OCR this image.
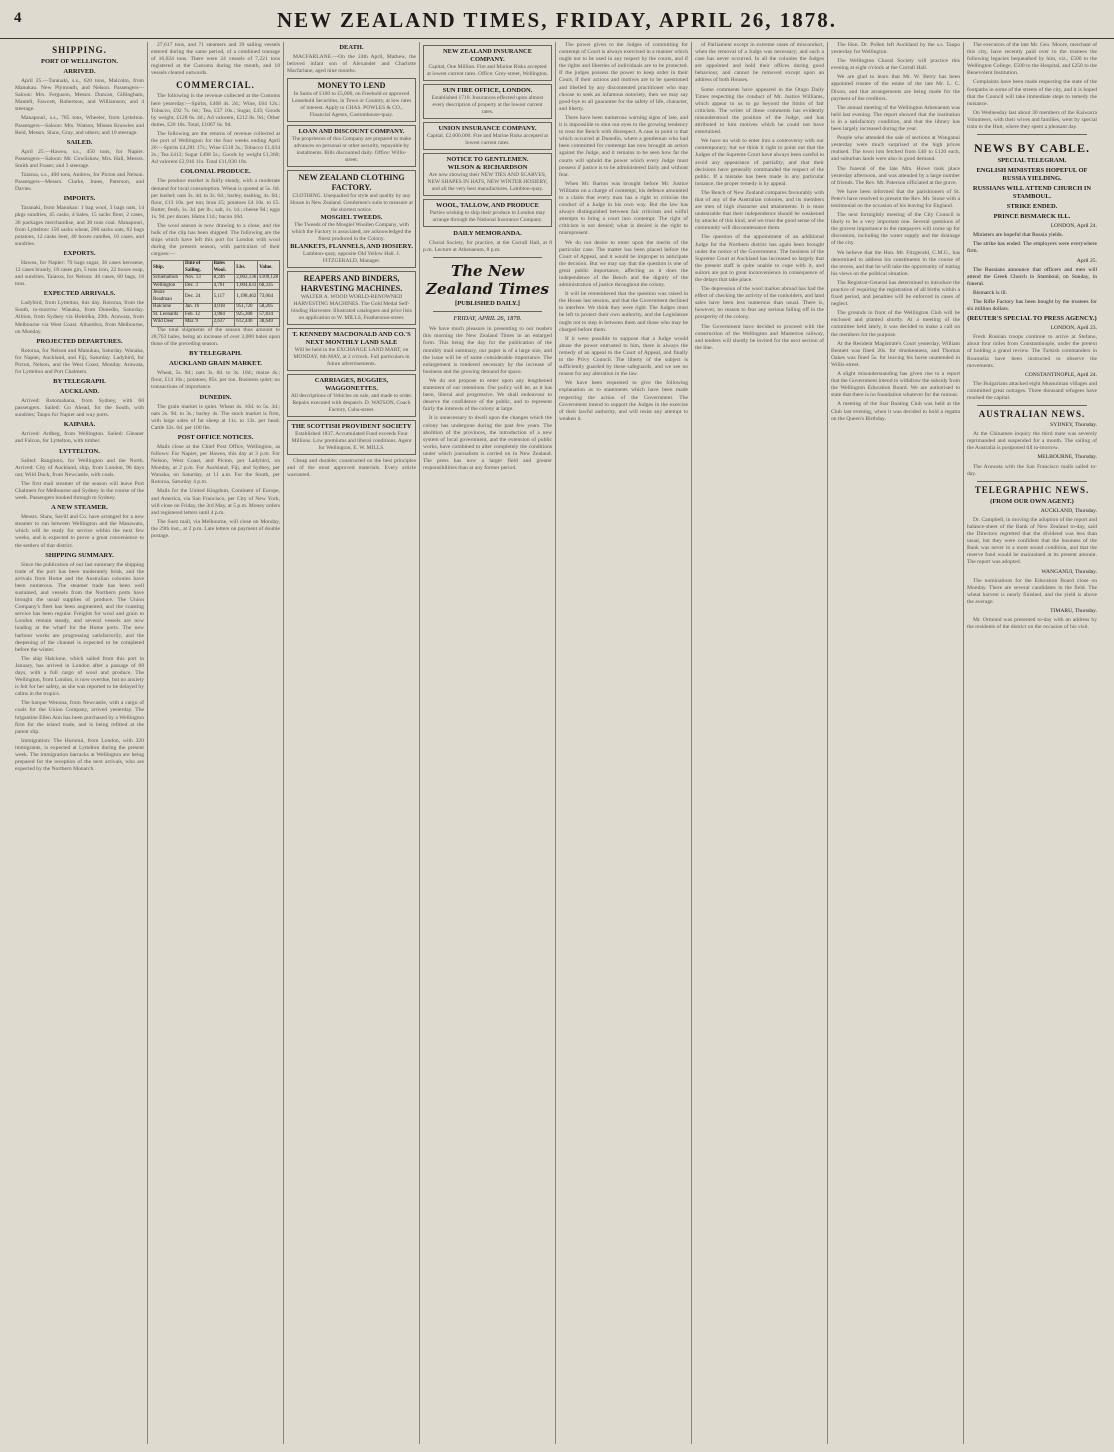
4	NEW ZEALAND TIMES, FRIDAY, APRIL 26, 1878.
SHIPPING.
PORT OF WELLINGTON.
ARRIVED.

April 25.—Taranaki, s.s., 620 tons, Malcolm, from Manukau. New Plymouth, and Nelson. Passengers—Saloon: Mrs. Ferguson, Messrs. Duncan, Gillingham, Mantell, Fawcett, Robertson, and Williamson; and 4 steerage.

Manapouri, s.s., 785 tons, Wheeler, from Lyttelton. Passengers—Saloon: Mrs. Watson, Misses Knowles and Reid, Messrs. Shaw, Gray, and others; and 10 steerage.

SAILED.

April 25.—Hawea, s.s., 450 tons, for Napier. Passengers—Saloon: Mr. Cowlishaw, Mrs. Hall, Messrs. Smith and Fraser; and 3 steerage.

Taiaroa, s.s., 400 tons, Andrew, for Picton and Nelson. Passengers—Messrs. Clarke, Innes, Paterson, and Davies.

IMPORTS.

Taranaki, from Manukau: 1 bag wool, 3 bags oats, 14 pkgs sundries, 45 casks, 4 bales, 15 sacks flour, 2 cases, 36 packages merchandise, and 30 tons coal. Manapouri, from Lyttelton: 150 sacks wheat, 260 sacks oats, 62 bags potatoes, 12 casks beer, 40 boxes candles, 16 cases, and sundries.

EXPORTS.

Hawea, for Napier: 70 bags sugar, 36 cases kerosene, 12 cases brandy, 18 cases gin, 5 tons iron, 22 boxes soap, and sundries. Taiaroa, for Nelson: 40 cases, 60 bags, 18 tons.

EXPECTED ARRIVALS.

Ladybird, from Lyttelton, this day. Rotorua, from the South, to-morrow. Wanaka, from Dunedin, Saturday. Albion, from Sydney via Hokitika, 29th. Arawata, from Melbourne via West Coast. Alhambra, from Melbourne, on Monday.

PROJECTED DEPARTURES.

Rotorua, for Nelson and Manukau, Saturday. Wanaka, for Napier, Auckland, and Fiji, Saturday. Ladybird, for Picton, Nelson, and the West Coast, Monday. Arawata, for Lyttelton and Port Chalmers.

BY TELEGRAPH.
AUCKLAND.

Arrived: Rotomahana, from Sydney, with 60 passengers. Sailed: Go Ahead, for the South, with sundries; Taupo for Napier and way ports.

KAIPARA.

Arrived: Ardbeg, from Wellington. Sailed: Gleaner and Falcon, for Lyttelton, with timber.

LYTTELTON.

Sailed: Rangitoto, for Wellington and the North. Arrived: City of Auckland, ship, from London, 96 days out; Wild Duck, from Newcastle, with coals.

The first mail steamer of the season will leave Port Chalmers for Melbourne and Sydney in the course of the week. Passengers booked through to Sydney.

A NEW STEAMER.

Messrs. Shaw, Savill and Co. have arranged for a new steamer to run between Wellington and the Manawatu, which will be ready for service within the next few weeks, and is expected to prove a great convenience to the settlers of that district.

SHIPPING SUMMARY.

Since the publication of our last summary the shipping trade of the port has been moderately brisk, and the arrivals from Home and the Australian colonies have been numerous. The steamer trade has been well sustained, and vessels from the Northern ports have brought the usual supplies of produce. The Union Company's fleet has been augmented, and the coasting service has been regular. Freights for wool and grain to London remain steady, and several vessels are now loading at the wharf for the Home ports. The new harbour works are progressing satisfactorily, and the deepening of the channel is expected to be completed before the winter.

The ship Halcione, which sailed from this port in January, has arrived in London after a passage of 88 days, with a full cargo of wool and produce. The Wellington, from London, is now overdue, but no anxiety is felt for her safety, as she was reported to be delayed by calms in the tropics.

The barque Wenona, from Newcastle, with a cargo of coals for the Union Company, arrived yesterday. The brigantine Ellen Ann has been purchased by a Wellington firm for the island trade, and is being refitted at the patent slip.

Immigration: The Hurunui, from London, with 320 immigrants, is expected at Lyttelton during the present week. The immigration barracks at Wellington are being prepared for the reception of the next arrivals, who are expected by the Northern Monarch.

27,617 tons, and 71 steamers and 39 sailing vessels entered during the same period, of a combined tonnage of 16,024 tons. There were 24 vessels of 7,221 tons registered at the Customs during the month, and 18 vessels cleared outwards.

COMMERCIAL.

The following is the revenue collected at the Customs here yesterday:—Spirits, £468 4s. 2d.; Wine, £64 12s.; Tobacco, £92 7s. 6d.; Tea, £37 10s.; Sugar, £43; Goods by weight, £128 6s. 4d.; Ad valorem, £212 8s. 9d.; Other duties, £20 18s. Total, £1067 6s. 9d.

The following are the returns of revenue collected at the port of Wellington for the four weeks ending April 20:—Spirits £4,281 17s.; Wine £518 3s.; Tobacco £1,034 2s.; Tea £412; Sugar £498 5s.; Goods by weight £1,360; Ad valorem £2,916 11s. Total £11,030 18s.

COLONIAL PRODUCE.

The produce market is fairly steady, with a moderate demand for local consumption. Wheat is quoted at 5s. 6d. per bushel; oats 3s. 4d. to 3s. 6d.; barley, malting, 4s. 6d.; flour, £13 10s. per ton; bran £5; potatoes £4 10s. to £5. Butter, fresh, 1s. 3d. per lb.; salt, 1s. 1d.; cheese 9d.; eggs 1s. 9d. per dozen. Hams 11d.; bacon 10d.

The wool season is now drawing to a close, and the bulk of the clip has been shipped. The following are the ships which have left this port for London with wool during the present season, with particulars of their cargoes:—

Ship.	Date of Sailing.	Bales Wool.	Lbs.	Value.
Schiehallion	Nov. 13	8,246	2,002,136	£109,128
Wellington	Dec. 3	4,761	1,004,633	68,335
Jessie Readman	Dec. 24	5,117	1,198,462	73,064
Halcione	Jan. 16	4,018	951,720	58,205
St. Leonards	Feb. 12	3,984	925,308	57,834
Wild Deer	Mar. 9	2,637	612,440	38,640

The total shipments of the season thus amount to 28,763 bales, being an increase of over 3,000 bales upon those of the preceding season.

BY TELEGRAPH.
AUCKLAND GRAIN MARKET.

Wheat, 5s. 9d.; oats 3s. 8d. to 3s. 10d.; maize 4s.; flour, £14 10s.; potatoes, 85s. per ton. Business quiet; no transactions of importance.

DUNEDIN.

The grain market is quiet. Wheat 4s. 10d. to 5s. 3d.; oats 2s. 9d. to 3s.; barley 4s. The stock market is firm, with large sales of fat sheep at 11s. to 13s. per head. Cattle 32s. 6d. per 100 lbs.

POST OFFICE NOTICES.

Mails close at the Chief Post Office, Wellington, as follows: For Napier, per Hawea, this day at 3 p.m. For Nelson, West Coast, and Picton, per Ladybird, on Monday, at 2 p.m. For Auckland, Fiji, and Sydney, per Wanaka, on Saturday, at 11 a.m. For the South, per Rotorua, Saturday 4 p.m.

Mails for the United Kingdom, Continent of Europe, and America, via San Francisco, per City of New York, will close on Friday, the 3rd May, at 5 p.m. Money orders and registered letters until 4 p.m.

The Suez mail, via Melbourne, will close on Monday, the 29th inst., at 2 p.m. Late letters on payment of double postage.

DEATH.

MACFARLANE.—On the 24th April, Mathew, the beloved infant son of Alexander and Charlotte Macfarlane, aged nine months.

MONEY TO LEND
In Sums of £100 to £5,000, on Freehold or approved Leasehold Securities, in Town or Country, at low rates of interest. Apply to CHAS. POWLES & CO., Financial Agents, Customhouse-quay.
LOAN AND DISCOUNT COMPANY.
The proprietors of this Company are prepared to make advances on personal or other security, repayable by instalments. Bills discounted daily. Office: Willis-street.
NEW ZEALAND CLOTHING FACTORY.
CLOTHING. Unequalled for style and quality by any House in New Zealand. Gentlemen's suits to measure at the shortest notice.
MOSGIEL TWEEDS.
The Tweeds of the Mosgiel Woollen Company, with which the Factory is associated, are acknowledged the finest produced in the Colony.
BLANKETS, FLANNELS, AND HOSIERY.
Lambton-quay, opposite Old Yellow Hall. J. FITZGERALD, Manager.
REAPERS AND BINDERS, HARVESTING MACHINES.
WALTER A. WOOD WORLD-RENOWNED HARVESTING MACHINES. The Gold Medal Self-binding Harvester. Illustrated catalogues and price lists on application to W. MILLS, Featherston-street.
T. KENNEDY MACDONALD AND CO.'S NEXT MONTHLY LAND SALE
Will be held in the EXCHANGE LAND MART, on MONDAY, 6th MAY, at 2 o'clock. Full particulars in future advertisements.
CARRIAGES, BUGGIES, WAGGONETTES.
All descriptions of Vehicles on sale, and made to order. Repairs executed with despatch. D. WATSON, Coach Factory, Cuba-street.
THE SCOTTISH PROVIDENT SOCIETY
Established 1837. Accumulated Fund exceeds Four Millions. Low premiums and liberal conditions. Agent for Wellington, E. W. MILLS.

Cheap and durable; constructed on the best principles and of the most approved materials. Every article warranted.

NEW ZEALAND INSURANCE COMPANY.
Capital, One Million. Fire and Marine Risks accepted at lowest current rates. Office: Grey-street, Wellington.
SUN FIRE OFFICE, LONDON.
Established 1710. Insurances effected upon almost every description of property at the lowest current rates.
UNION INSURANCE COMPANY.
Capital, £2,000,000. Fire and Marine Risks accepted at lowest current rates.
NOTICE TO GENTLEMEN.
WILSON & RICHARDSON
Are now showing their NEW TIES AND SCARVES, NEW SHAPES IN HATS, NEW WINTER HOSIERY, and all the very best manufactures. Lambton-quay.
WOOL, TALLOW, AND PRODUCE
Parties wishing to ship their produce to London may arrange through the National Insurance Company.
DAILY MEMORANDA.

Choral Society, for practice, at the Corrall Hall, at 8 p.m. Lecture at Athenaeum, 8 p.m.

The New Zealand Times
[PUBLISHED DAILY.]
FRIDAY, APRIL 26, 1878.

We have much pleasure in presenting to our readers this morning the New Zealand Times in an enlarged form. This being the day for the publication of the monthly mail summary, our paper is of a large size, and the issue will be of some considerable importance. The enlargement is rendered necessary by the increase of business and the growing demand for space.

We do not propose to enter upon any lengthened statement of our intentions. Our policy will be, as it has been, liberal and progressive. We shall endeavour to deserve the confidence of the public, and to represent fairly the interests of the colony at large.

It is unnecessary to dwell upon the changes which the colony has undergone during the past few years. The abolition of the provinces, the introduction of a new system of local government, and the extension of public works, have combined to alter completely the conditions under which journalism is carried on in New Zealand. The press has now a larger field and greater responsibilities than at any former period.

The power given to the Judges of committing for contempt of Court is always exercised in a manner which ought not to be used in any respect by the courts, and if the rights and liberties of individuals are to be protected. If the judges possess the power to keep order in their Court, if their actions and motives are to be questioned and libelled by any discontented practitioner who may choose to seek an infamous notoriety, then we may say good-bye to all guarantee for the safety of life, character, and liberty.

There have been numerous warning signs of late, and it is impossible to shut our eyes to the growing tendency to treat the Bench with disrespect. A case in point is that which occurred at Dunedin, where a gentleman who had been committed for contempt has now brought an action against the Judge, and it remains to be seen how far the courts will uphold the power which every Judge must possess if justice is to be administered fairly and without fear.

When Mr. Barton was brought before Mr. Justice Williams on a charge of contempt, his defence amounted to a claim that every man has a right to criticise the conduct of a Judge in his own way. But the law has always distinguished between fair criticism and wilful attempts to bring a court into contempt. The right of criticism is not denied; what is denied is the right to misrepresent.

We do not desire to enter upon the merits of the particular case. The matter has been placed before the Court of Appeal, and it would be improper to anticipate the decision. But we may say that the question is one of great public importance, affecting as it does the independence of the Bench and the dignity of the administration of justice throughout the colony.

It will be remembered that the question was raised in the House last session, and that the Government declined to interfere. We think they were right. The Judges must be left to protect their own authority, and the Legislature ought not to step in between them and those who may be charged before them.

If it were possible to suppose that a Judge would abuse the power entrusted to him, there is always the remedy of an appeal to the Court of Appeal, and finally to the Privy Council. The liberty of the subject is sufficiently guarded by these safeguards, and we see no reason for any alteration in the law.

We have been requested to give the following explanation as to statements which have been made respecting the action of the Government. The Government intend to support the Judges in the exercise of their lawful authority, and will resist any attempt to weaken it.

of Parliament except in extreme cases of misconduct, when the removal of a Judge was necessary; and such a case has never occurred. In all the colonies the Judges are appointed and hold their offices during good behaviour, and cannot be removed except upon an address of both Houses.

Some comments have appeared in the Otago Daily Times respecting the conduct of Mr. Justice Williams, which appear to us to go beyond the limits of fair criticism. The writer of these comments has evidently misunderstood the position of the Judge, and has attributed to him motives which he could not have entertained.

We have no wish to enter into a controversy with our contemporary; but we think it right to point out that the Judges of the Supreme Court have always been careful to avoid any appearance of partiality, and that their decisions have generally commanded the respect of the public. If a mistake has been made in any particular instance, the proper remedy is by appeal.

The Bench of New Zealand compares favourably with that of any of the Australian colonies, and its members are men of high character and attainments. It is most undesirable that their independence should be weakened by attacks of this kind, and we trust the good sense of the community will discountenance them.

The question of the appointment of an additional Judge for the Northern district has again been brought under the notice of the Government. The business of the Supreme Court at Auckland has increased so largely that the present staff is quite unable to cope with it, and suitors are put to great inconvenience in consequence of the delays that take place.

The depression of the wool market abroad has had the effect of checking the activity of the runholders, and land sales have been less numerous than usual. There is, however, no reason to fear any serious falling off in the prosperity of the colony.

The Government have decided to proceed with the construction of the Wellington and Masterton railway, and tenders will shortly be invited for the next section of the line.

The Hon. Dr. Pollen left Auckland by the s.s. Taupo yesterday for Wellington.

The Wellington Choral Society will practice this evening at eight o'clock at the Corrall Hall.

We are glad to learn that Mr. W. Berry has been appointed trustee of the estate of the late Mr. L. C. Dixon, and that arrangements are being made for the payment of the creditors.

The annual meeting of the Wellington Athenaeum was held last evening. The report showed that the institution is in a satisfactory condition, and that the library has been largely increased during the year.

People who attended the sale of sections at Wanganui yesterday were much surprised at the high prices realised. The town lots fetched from £40 to £120 each, and suburban lands were also in good demand.

The funeral of the late Mrs. Howe took place yesterday afternoon, and was attended by a large number of friends. The Rev. Mr. Paterson officiated at the grave.

We have been informed that the parishioners of St. Peter's have resolved to present the Rev. Mr. Stone with a testimonial on the occasion of his leaving for England.

The next fortnightly meeting of the City Council is likely to be a very important one. Several questions of the gravest importance to the ratepayers will come up for discussion, including the water supply and the drainage of the city.

We believe that the Hon. Mr. Fitzgerald, C.M.G., has determined to address his constituents in the course of the recess, and that he will take the opportunity of stating his views on the political situation.

The Registrar-General has determined to introduce the practice of requiring the registration of all births within a fixed period, and penalties will be enforced in cases of neglect.

The grounds in front of the Wellington Club will be enclosed and planted shortly. At a meeting of the committee held lately, it was decided to make a call on the members for the purpose.

At the Resident Magistrate's Court yesterday, William Bennett was fined 20s. for drunkenness, and Thomas Oakes was fined 5s. for leaving his horse unattended in Willis-street.

A slight misunderstanding has given rise to a report that the Government intend to withdraw the subsidy from the Wellington Education Board. We are authorised to state that there is no foundation whatever for the rumour.

A meeting of the Star Boating Club was held at the Club last evening, when it was decided to hold a regatta on the Queen's Birthday.

The executors of the late Mr. Geo. Moore, merchant of this city, have recently paid over to the trustees the following legacies bequeathed by him, viz., £500 to the Wellington College, £500 to the Hospital, and £250 to the Benevolent Institution.

Complaints have been made respecting the state of the footpaths in some of the streets of the city, and it is hoped that the Council will take immediate steps to remedy the nuisance.

On Wednesday last about 30 members of the Kaiwarra Volunteers, with their wives and families, went by special train to the Hutt, where they spent a pleasant day.

NEWS BY CABLE.
SPECIAL TELEGRAM.
ENGLISH MINISTERS HOPEFUL OF RUSSIA YIELDING.
RUSSIANS WILL ATTEND CHURCH IN STAMBOUL.
STRIKE ENDED.
PRINCE BISMARCK ILL.

LONDON, April 24.

Ministers are hopeful that Russia yields.

The strike has ended. The employers were everywhere firm.

April 25.

The Russians announce that officers and men will attend the Greek Church in Stamboul, on Sunday, in funeral.

Bismarck is ill.

The Rifle Factory has been bought by the trustees for six million dollars.

(REUTER'S SPECIAL TO PRESS AGENCY.)

LONDON, April 23.

Fresh Russian troops continue to arrive at Stefano, about four miles from Constantinople, under the pretext of holding a grand review. The Turkish commanders in Roumelia have been instructed to observe the movements.

CONSTANTINOPLE, April 24.

The Bulgarians attacked eight Mussulman villages and committed great outrages. Three thousand refugees have reached the capital.

AUSTRALIAN NEWS.

SYDNEY, Thursday.

At the Chinamen inquiry the third mate was severely reprimanded and suspended for a month. The sailing of the Australia is postponed till to-morrow.

MELBOURNE, Thursday.

The Arawata with the San Francisco mails sailed to-day.

TELEGRAPHIC NEWS.
(FROM OUR OWN AGENT.)

AUCKLAND, Thursday.

Dr. Campbell, in moving the adoption of the report and balance-sheet of the Bank of New Zealand to-day, said the Directors regretted that the dividend was less than usual, but they were confident that the business of the Bank was never in a more sound condition, and that the reserve fund would be maintained at its present amount. The report was adopted.

WANGANUI, Thursday.

The nominations for the Education Board close on Monday. There are several candidates in the field. The wheat harvest is nearly finished, and the yield is above the average.

TIMARU, Thursday.

Mr. Ormond was presented to-day with an address by the residents of the district on the occasion of his visit.
